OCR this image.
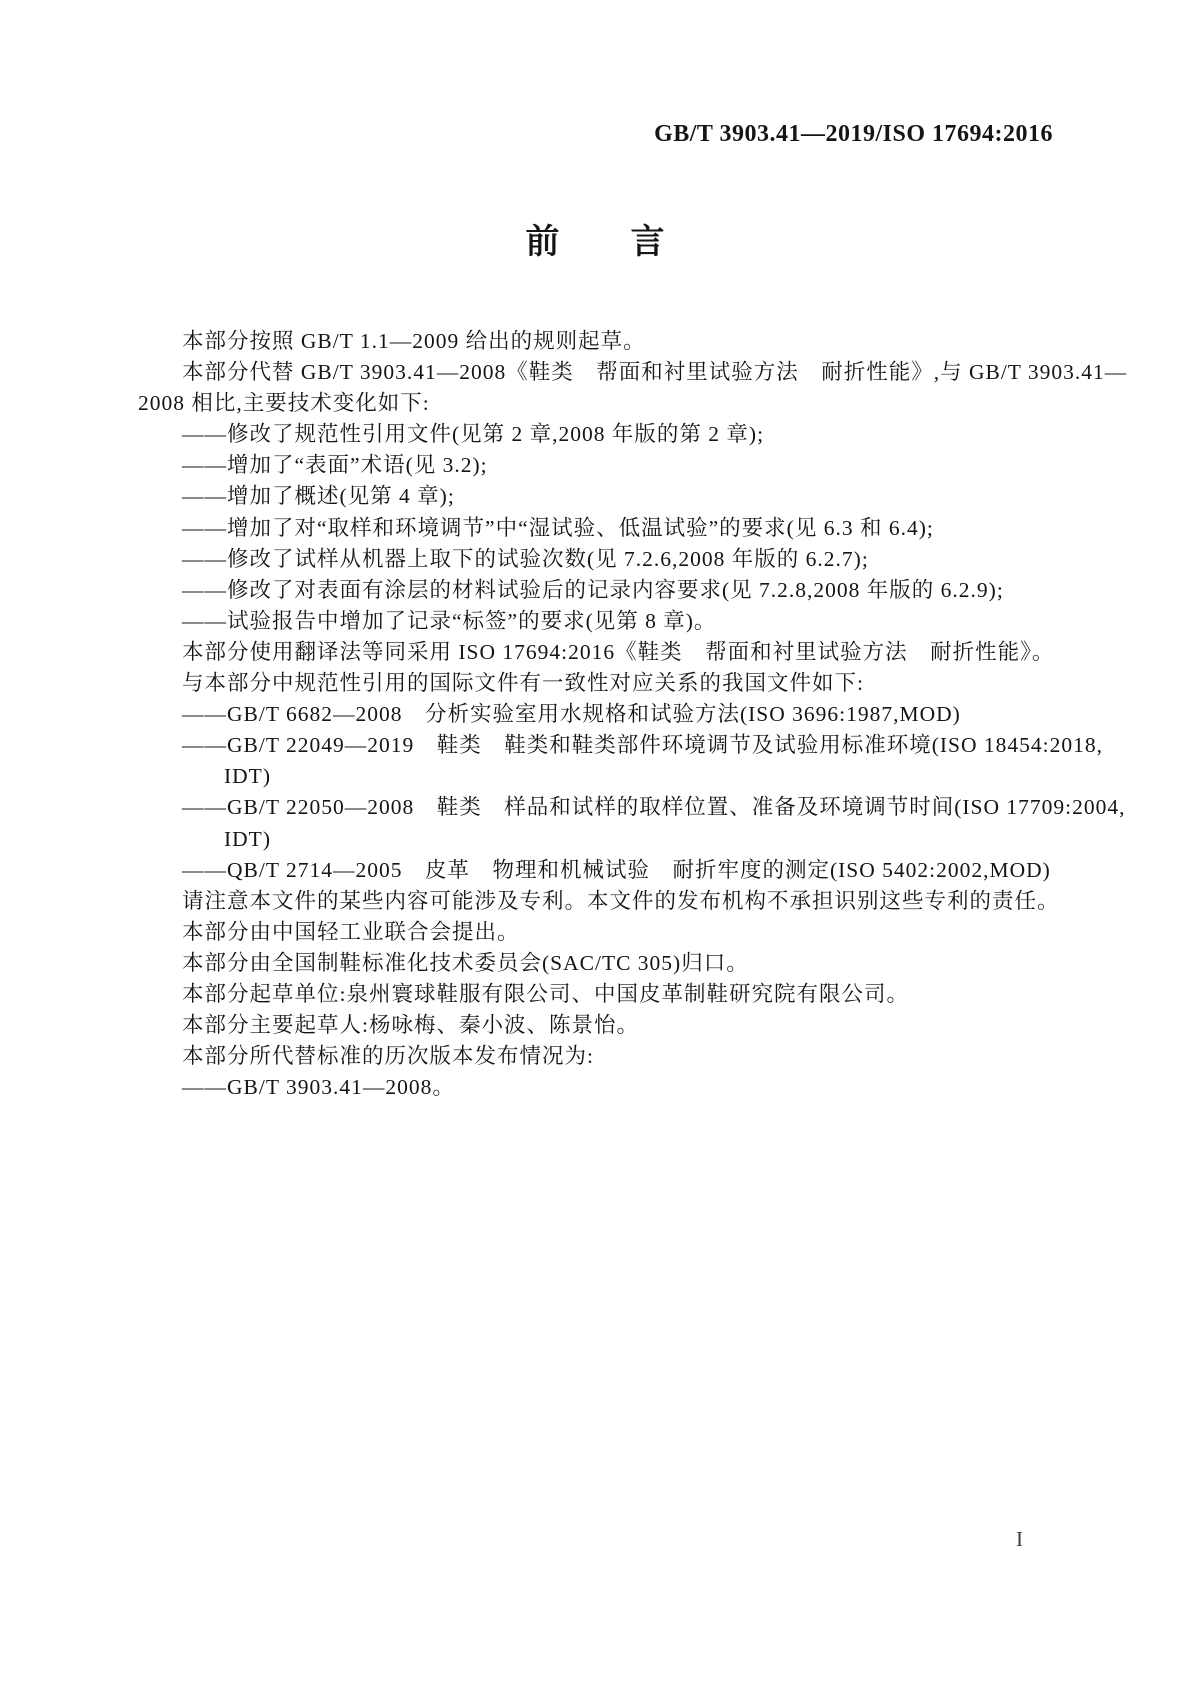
GB/T 3903.41—2019/ISO 17694:2016
前　　言

本部分按照 GB/T 1.1—2009 给出的规则起草。

本部分代替 GB/T 3903.41—2008《鞋类　帮面和衬里试验方法　耐折性能》,与 GB/T 3903.41—

2008 相比,主要技术变化如下:

——修改了规范性引用文件(见第 2 章,2008 年版的第 2 章);

——增加了“表面”术语(见 3.2);

——增加了概述(见第 4 章);

——增加了对“取样和环境调节”中“湿试验、低温试验”的要求(见 6.3 和 6.4);

——修改了试样从机器上取下的试验次数(见 7.2.6,2008 年版的 6.2.7);

——修改了对表面有涂层的材料试验后的记录内容要求(见 7.2.8,2008 年版的 6.2.9);

——试验报告中增加了记录“标签”的要求(见第 8 章)。

本部分使用翻译法等同采用 ISO 17694:2016《鞋类　帮面和衬里试验方法　耐折性能》。

与本部分中规范性引用的国际文件有一致性对应关系的我国文件如下:

——GB/T 6682—2008　分析实验室用水规格和试验方法(ISO 3696:1987,MOD)

——GB/T 22049—2019　鞋类　鞋类和鞋类部件环境调节及试验用标准环境(ISO 18454:2018,

IDT)

——GB/T 22050—2008　鞋类　样品和试样的取样位置、准备及环境调节时间(ISO 17709:2004,

IDT)

——QB/T 2714—2005　皮革　物理和机械试验　耐折牢度的测定(ISO 5402:2002,MOD)

请注意本文件的某些内容可能涉及专利。本文件的发布机构不承担识别这些专利的责任。

本部分由中国轻工业联合会提出。

本部分由全国制鞋标准化技术委员会(SAC/TC 305)归口。

本部分起草单位:泉州寰球鞋服有限公司、中国皮革制鞋研究院有限公司。

本部分主要起草人:杨咏梅、秦小波、陈景怡。

本部分所代替标准的历次版本发布情况为:

——GB/T 3903.41—2008。

I
